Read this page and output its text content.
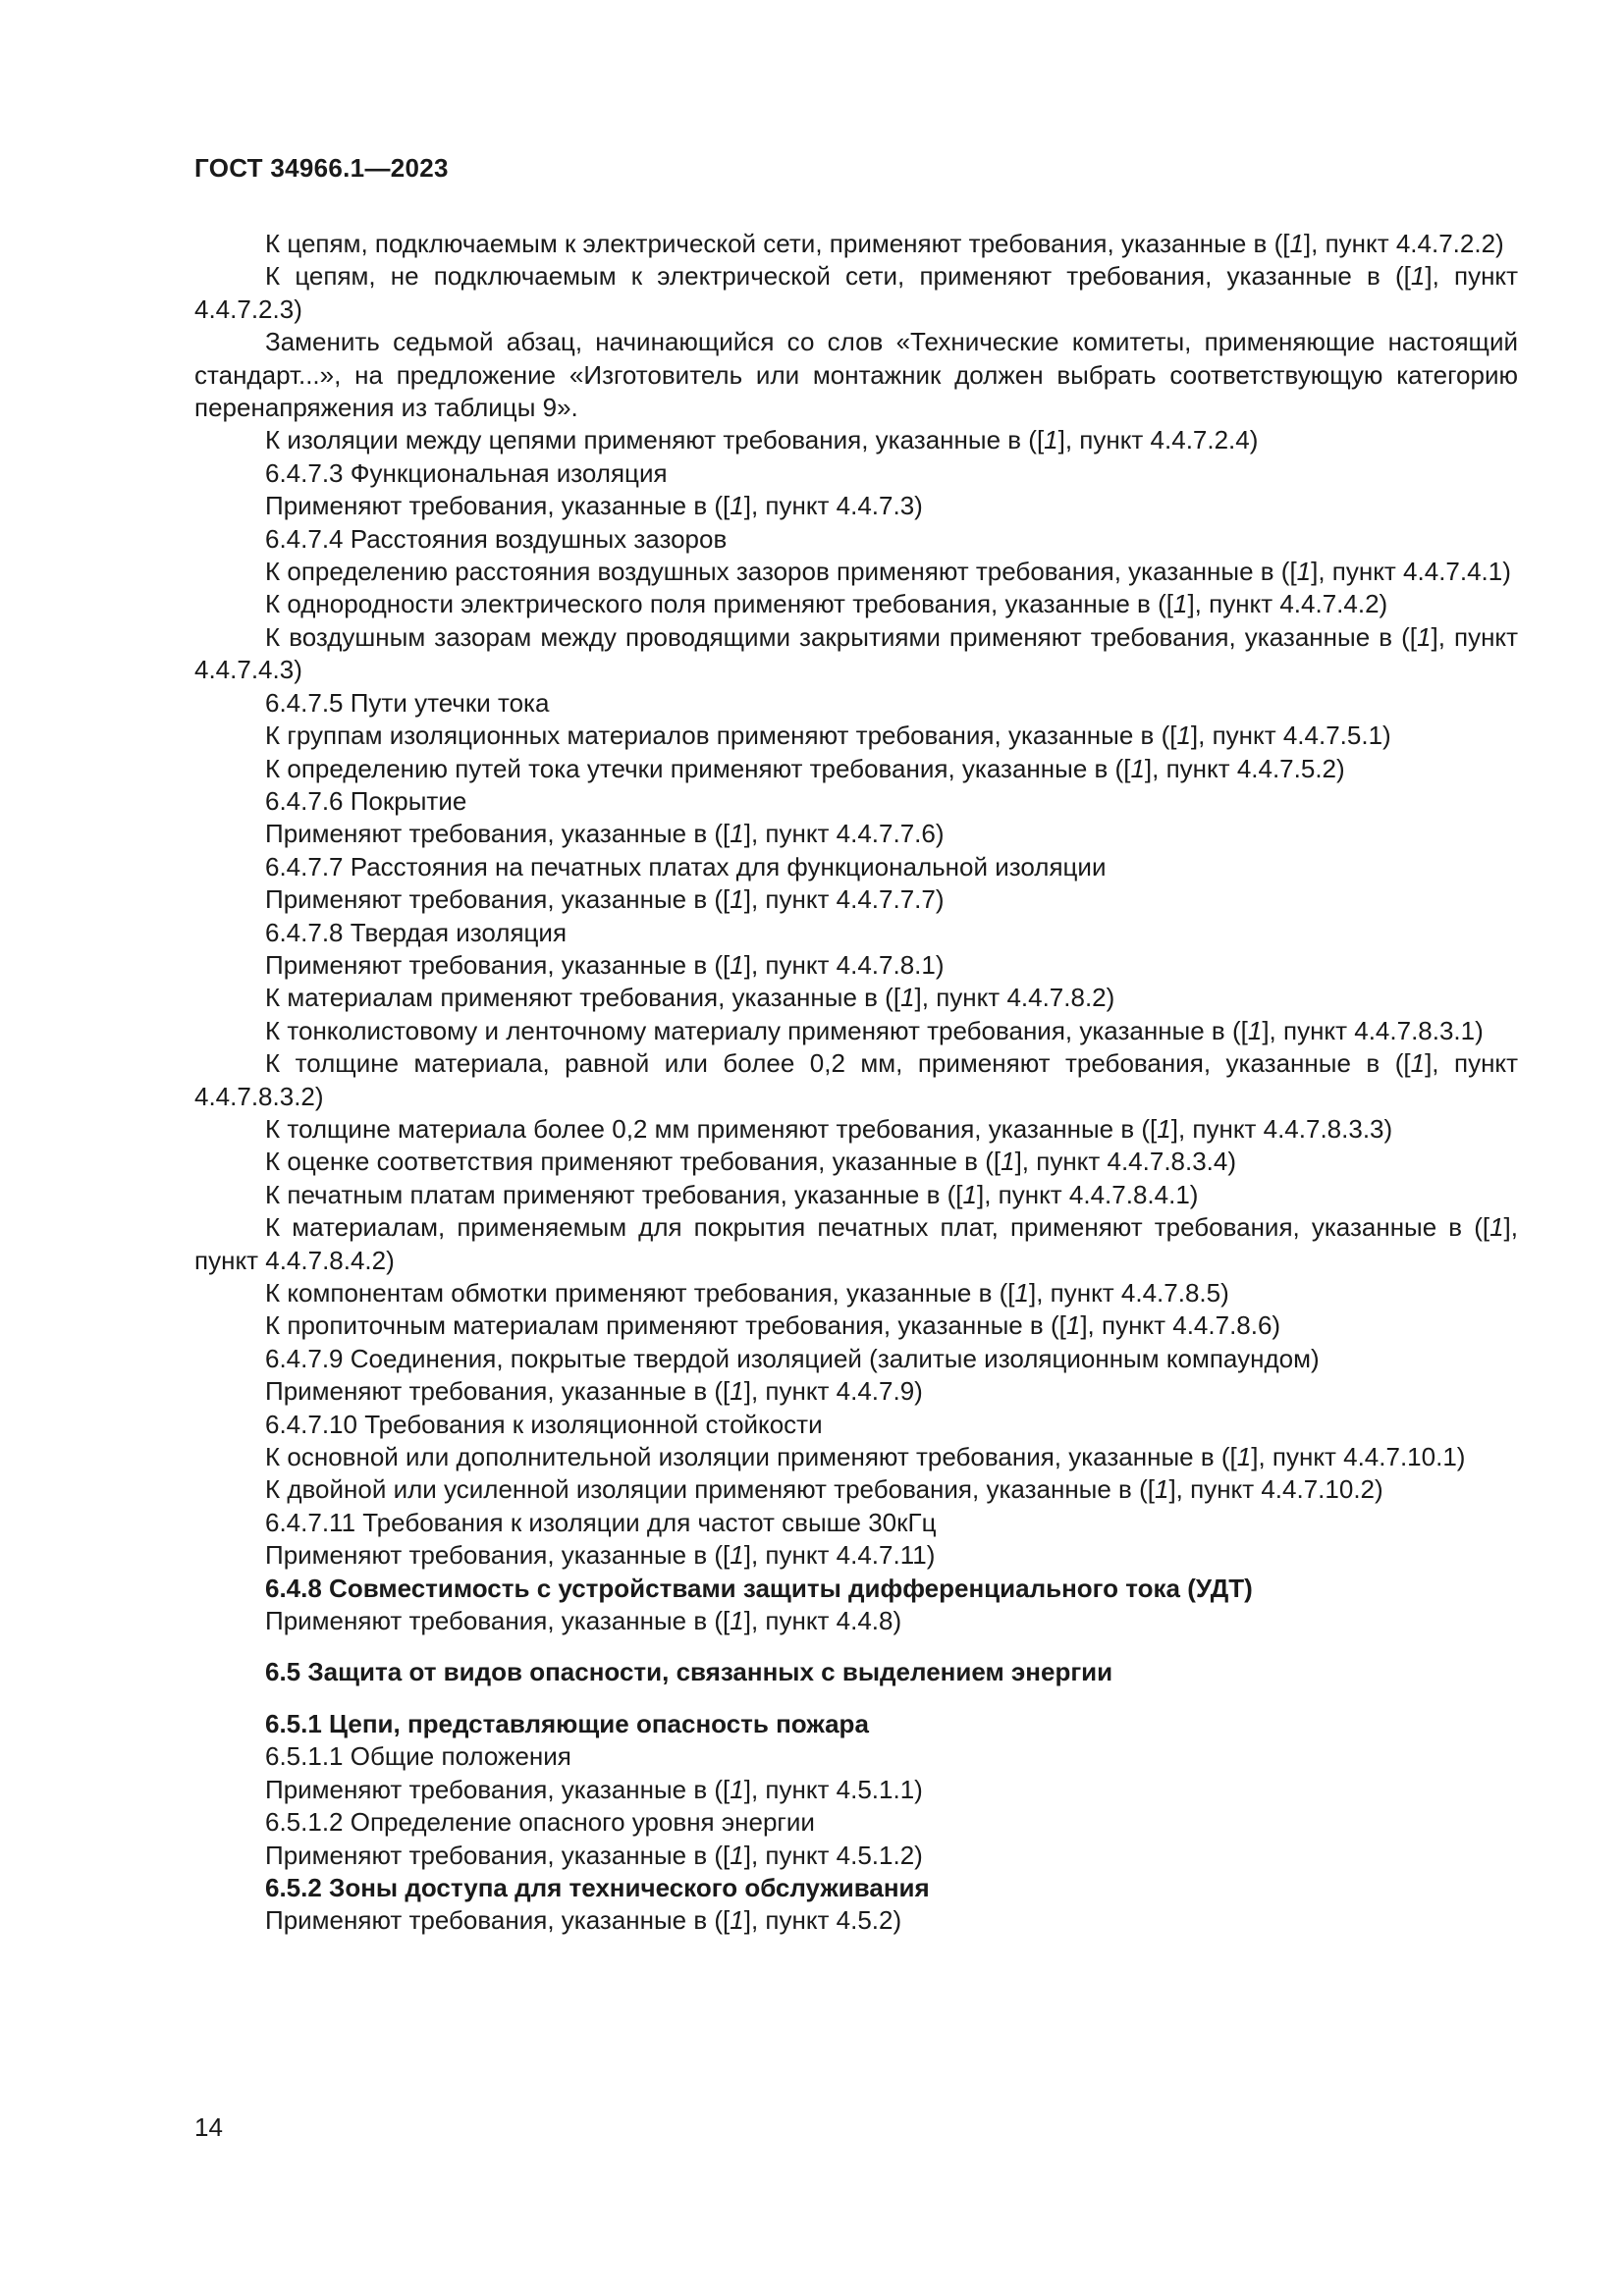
ГОСТ 34966.1—2023

К цепям, подключаемым к электрической сети, применяют требования, указанные в ([1], пункт 4.4.7.2.2)

К цепям, не подключаемым к электрической сети, применяют требования, указанные в ([1], пункт 4.4.7.2.3)

Заменить седьмой абзац, начинающийся со слов «Технические комитеты, применяющие настоящий стандарт...», на предложение «Изготовитель или монтажник должен выбрать соответствующую категорию перенапряжения из таблицы 9».

К изоляции между цепями применяют требования, указанные в ([1], пункт 4.4.7.2.4)

6.4.7.3 Функциональная изоляция

Применяют требования, указанные в ([1], пункт 4.4.7.3)

6.4.7.4 Расстояния воздушных зазоров

К определению расстояния воздушных зазоров применяют требования, указанные в ([1], пункт 4.4.7.4.1)

К однородности электрического поля применяют требования, указанные в ([1], пункт 4.4.7.4.2)

К воздушным зазорам между проводящими закрытиями применяют требования, указанные в ([1], пункт 4.4.7.4.3)

6.4.7.5 Пути утечки тока

К группам изоляционных материалов применяют требования, указанные в ([1], пункт 4.4.7.5.1)

К определению путей тока утечки применяют требования, указанные в ([1], пункт 4.4.7.5.2)

6.4.7.6 Покрытие

Применяют требования, указанные в ([1], пункт 4.4.7.7.6)

6.4.7.7 Расстояния на печатных платах для функциональной изоляции

Применяют требования, указанные в ([1], пункт 4.4.7.7.7)

6.4.7.8 Твердая изоляция

Применяют требования, указанные в ([1], пункт 4.4.7.8.1)

К материалам применяют требования, указанные в ([1], пункт 4.4.7.8.2)

К тонколистовому и ленточному материалу применяют требования, указанные в ([1], пункт 4.4.7.8.3.1)

К толщине материала, равной или более 0,2 мм, применяют требования, указанные в ([1], пункт 4.4.7.8.3.2)

К толщине материала более 0,2 мм применяют требования, указанные в ([1], пункт 4.4.7.8.3.3)

К оценке соответствия применяют требования, указанные в ([1], пункт 4.4.7.8.3.4)

К печатным платам применяют требования, указанные в ([1], пункт 4.4.7.8.4.1)

К материалам, применяемым для покрытия печатных плат, применяют требования, указанные в ([1], пункт 4.4.7.8.4.2)

К компонентам обмотки применяют требования, указанные в ([1], пункт 4.4.7.8.5)

К пропиточным материалам применяют требования, указанные в ([1], пункт 4.4.7.8.6)

6.4.7.9 Соединения, покрытые твердой изоляцией (залитые изоляционным компаундом)

Применяют требования, указанные в ([1], пункт 4.4.7.9)

6.4.7.10 Требования к изоляционной стойкости

К основной или дополнительной изоляции применяют требования, указанные в ([1], пункт 4.4.7.10.1)

К двойной или усиленной изоляции применяют требования, указанные в ([1], пункт 4.4.7.10.2)

6.4.7.11 Требования к изоляции для частот свыше 30кГц

Применяют требования, указанные в ([1], пункт 4.4.7.11)

6.4.8 Совместимость с устройствами защиты дифференциального тока (УДТ)

Применяют требования, указанные в ([1], пункт 4.4.8)

6.5 Защита от видов опасности, связанных с выделением энергии

6.5.1 Цепи, представляющие опасность пожара

6.5.1.1 Общие положения

Применяют требования, указанные в ([1], пункт 4.5.1.1)

6.5.1.2 Определение опасного уровня энергии

Применяют требования, указанные в ([1], пункт 4.5.1.2)

6.5.2 Зоны доступа для технического обслуживания

Применяют требования, указанные в ([1], пункт 4.5.2)

14
